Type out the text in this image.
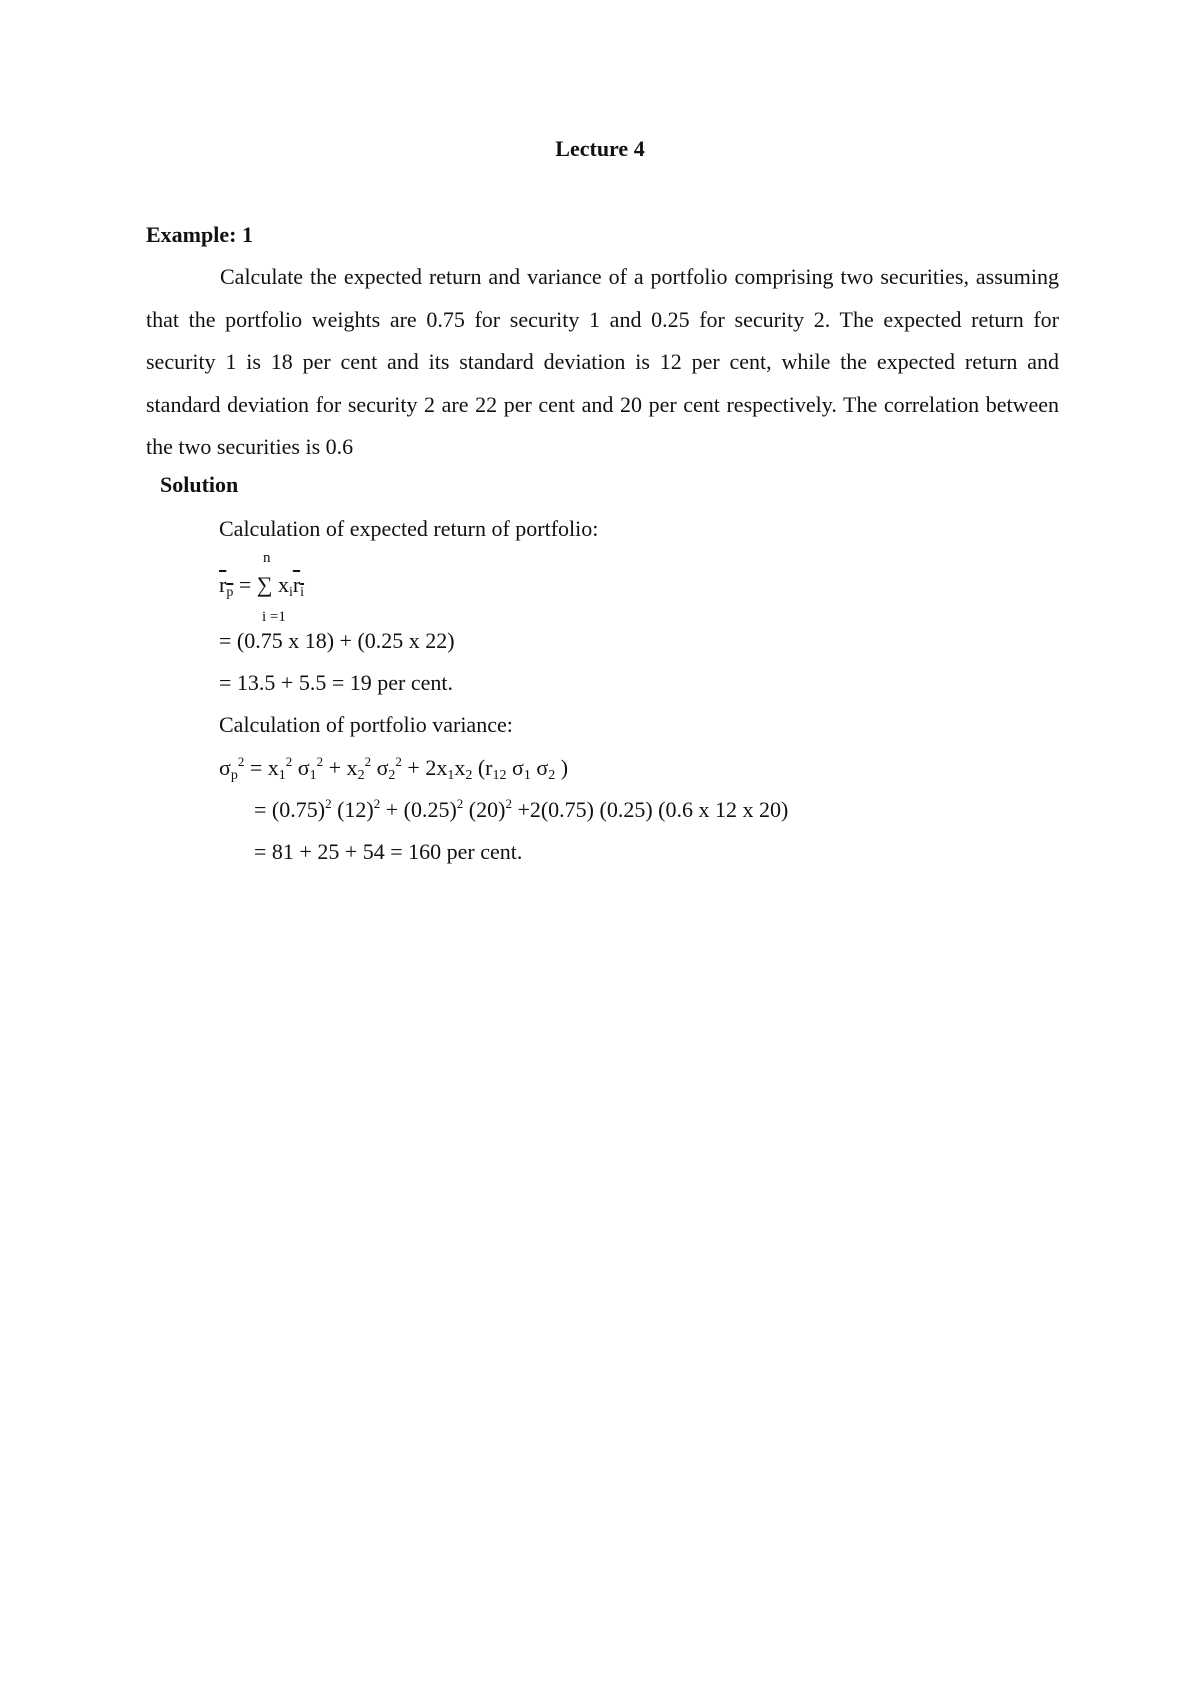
Lecture 4
Example: 1

Calculate the expected return and variance of a portfolio comprising two securities, assuming that the portfolio weights are 0.75 for security 1 and 0.25 for security 2. The expected return for security 1 is 18 per cent and its standard deviation is 12 per cent, while the expected return and standard deviation for security 2 are 22 per cent and 20 per cent respectively. The correlation between the two securities is 0.6

Solution
Calculation of expected return of portfolio:
n
$r_p$ = ∑ $x_ir_i$
i =1
= (0.75 x 18) + (0.25 x 22)
= 13.5 + 5.5 = 19 per cent.
Calculation of portfolio variance:
$\sigma_p^2 = x_1^2$ $\sigma_1^2 + x_2^2$ $\sigma_2^2 + 2x_1x_2$ ($r_{12}$ $\sigma_1$ $\sigma_2$ )
= $(0.75)^2$ $(12)^2 + (0.25)^2$ $(20)^2 +2(0.75)$ (0.25) (0.6 x 12 x 20)
= 81 + 25 + 54 = 160 per cent.
